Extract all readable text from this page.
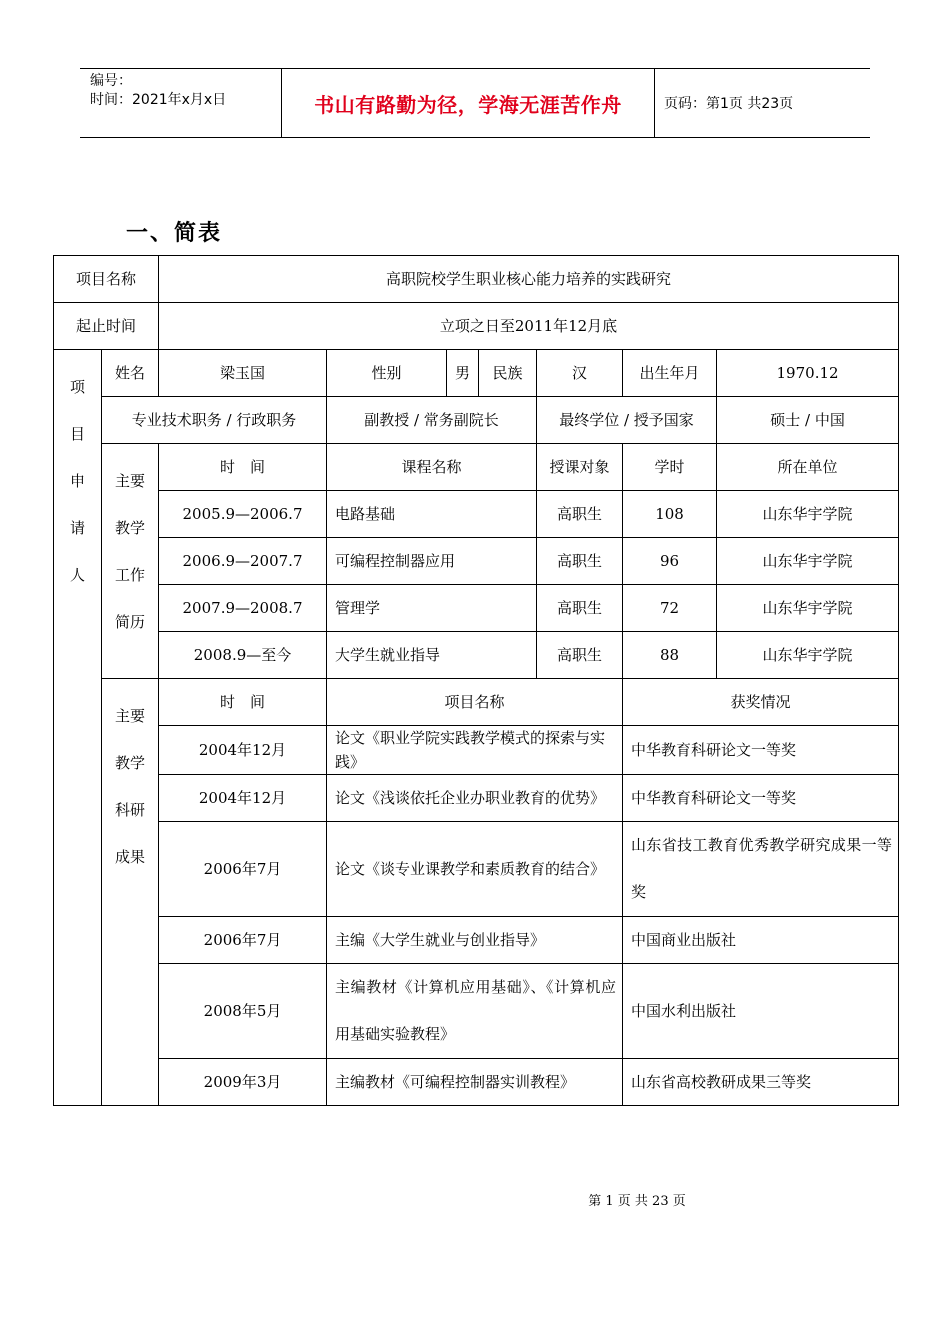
编号：
时间：2021年x月x日	书山有路勤为径，学海无涯苦作舟	页码：第1页 共23页
一、简表
项目名称		高职院校学生职业核心能力培养的实践研究						
起止时间		立项之日至2011年12月底						

项
目
申
请
人	姓名	梁玉国	性别	男	民族	汉	出生年月	1970.12
	专业技术职务 / 行政职务		副教授 / 常务副院长			最终学位 / 授予国家		硕士 / 中国

	主要
教学
工作
简历	时　间	课程名称			授课对象	学时	所在单位
		2005.9—2006.7	电路基础			高职生	108	山东华宇学院
		2006.9—2007.7	可编程控制器应用			高职生	96	山东华宇学院
		2007.9—2008.7	管理学			高职生	72	山东华宇学院
		2008.9—至今	大学生就业指导			高职生	88	山东华宇学院

	主要
教学
科研
成果	时　间	项目名称				获奖情况	
		2004年12月	论文《职业学院实践教学模式的探索与实践》				中华教育科研论文一等奖	
		2004年12月	论文《浅谈依托企业办职业教育的优势》				中华教育科研论文一等奖	
		2006年7月	论文《谈专业课教学和素质教育的结合》				山东省技工教育优秀教学研究成果一等奖	
		2006年7月	主编《大学生就业与创业指导》				中国商业出版社	
		2008年5月	主编教材《计算机应用基础》、《计算机应用基础实验教程》				中国水利出版社	
		2009年3月	主编教材《可编程控制器实训教程》				山东省高校教研成果三等奖	
第 1 页 共 23 页
